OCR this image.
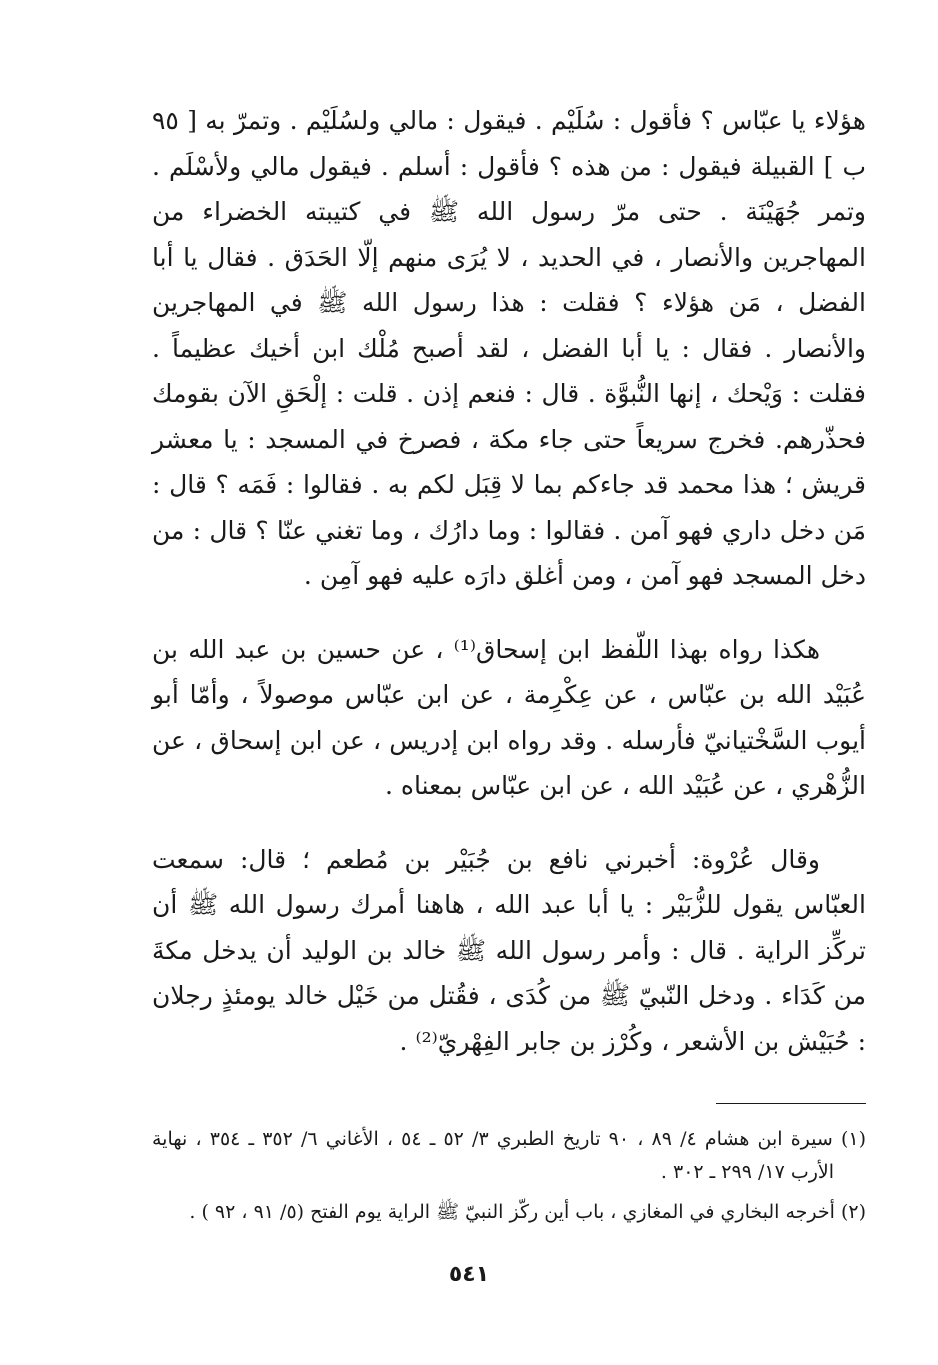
هؤلاء يا عبّاس ؟ فأقول : سُلَيْم . فيقول : مالي ولسُلَيْم . وتمرّ به [ ٩٥ ب ] القبيلة فيقول : من هذه ؟ فأقول : أسلم . فيقول مالي ولأسْلَم . وتمر جُهَيْنَة . حتى مرّ رسول الله ﷺ في كتيبته الخضراء من المهاجرين والأنصار ، في الحديد ، لا يُرَى منهم إلّا الحَدَق . فقال يا أبا الفضل ، مَن هؤلاء ؟ فقلت : هذا رسول الله ﷺ في المهاجرين والأنصار . فقال : يا أبا الفضل ، لقد أصبح مُلْك ابن أخيك عظيماً . فقلت : وَيْحك ، إنها النُّبوَّة . قال : فنعم إذن . قلت : إلْحَقِ الآن بقومك فحذّرهم. فخرج سريعاً حتى جاء مكة ، فصرخ في المسجد : يا معشر قريش ؛ هذا محمد قد جاءكم بما لا قِبَل لكم به . فقالوا : فَمَه ؟ قال : مَن دخل داري فهو آمن . فقالوا : وما دارُك ، وما تغني عنّا ؟ قال : من دخل المسجد فهو آمن ، ومن أغلق دارَه عليه فهو آمِن .

هكذا رواه بهذا اللّفظ ابن إسحاق⁽¹⁾ ، عن حسين بن عبد الله بن عُبَيْد الله بن عبّاس ، عن عِكْرِمة ، عن ابن عبّاس موصولاً ، وأمّا أبو أيوب السَّخْتيانيّ فأرسله . وقد رواه ابن إدريس ، عن ابن إسحاق ، عن الزُّهْري ، عن عُبَيْد الله ، عن ابن عبّاس بمعناه .

وقال عُرْوة: أخبرني نافع بن جُبَيْر بن مُطعم ؛ قال: سمعت العبّاس يقول للزُّبَيْر : يا أبا عبد الله ، هاهنا أمرك رسول الله ﷺ أن تركِّز الراية . قال : وأمر رسول الله ﷺ خالد بن الوليد أن يدخل مكةَ من كَدَاء . ودخل النّبيّ ﷺ من كُدَى ، فقُتل من خَيْل خالد يومئذٍ رجلان : حُبَيْش بن الأشعر ، وكُرْز بن جابر الفِهْريّ⁽²⁾ .

(١) سيرة ابن هشام ٤/ ٨٩ ، ٩٠ تاريخ الطبري ٣/ ٥٢ ـ ٥٤ ، الأغاني ٦/ ٣٥٢ ـ ٣٥٤ ، نهاية الأرب ١٧/ ٢٩٩ ـ ٣٠٢ .

(٢) أخرجه البخاري في المغازي ، باب أين ركّز النبيّ ﷺ الراية يوم الفتح (٥/ ٩١ ، ٩٢ ) .

٥٤١
